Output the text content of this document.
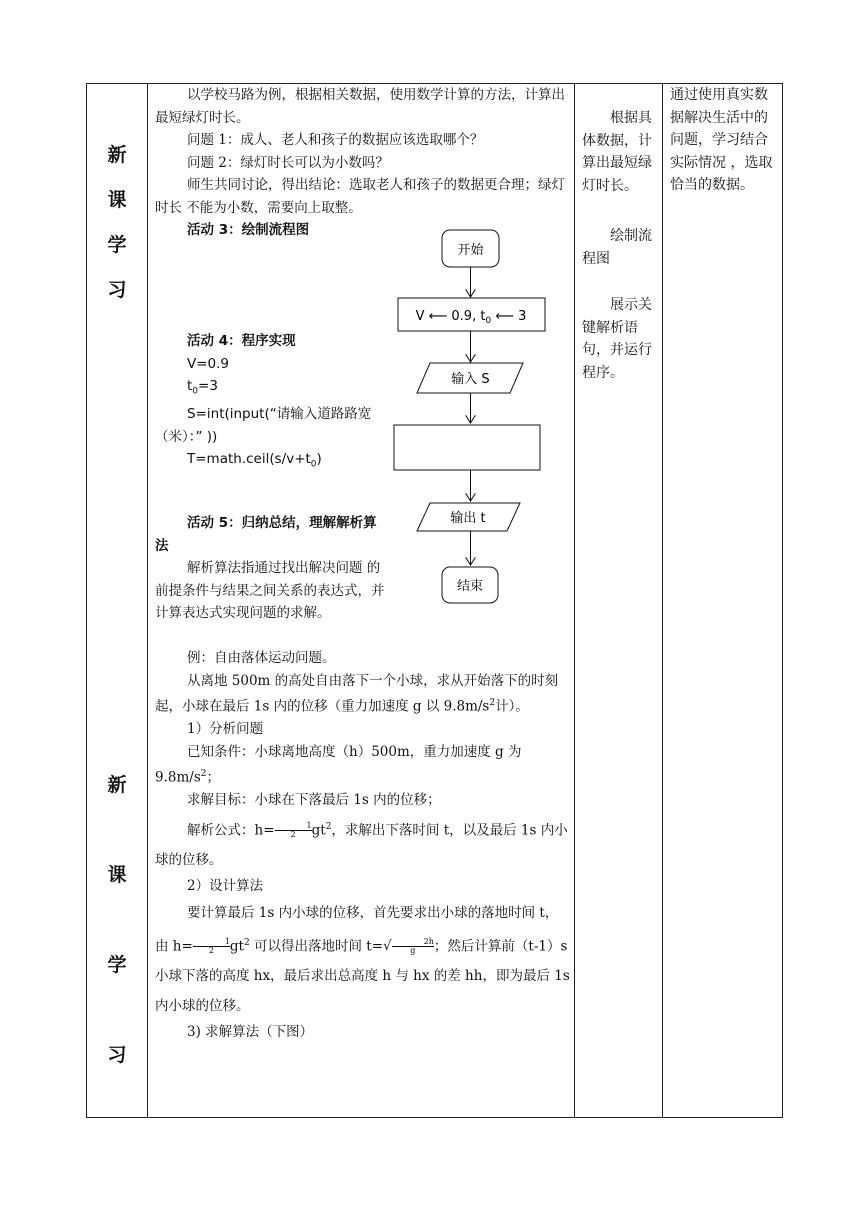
新
课
学
习
新
课
学
习

以学校马路为例，根据相关数据，使用数学计算的方法，计算出最短绿灯时长。

问题 1：成人、老人和孩子的数据应该选取哪个？

问题 2：绿灯时长可以为小数吗？

师生共同讨论，得出结论：选取老人和孩子的数据更合理；绿灯时长 不能为小数，需要向上取整。

活动 3：绘制流程图

活动 4：程序实现

V=0.9

$t_0=3$

S=int(input(“请输入道路路宽（米）：” ))

$T=math.ceil(s/v+t_0)$

活动 5：归纳总结，理解解析算法

解析算法指通过找出解决问题 的前提条件与结果之间关系的表达式，并计算表达式实现问题的求解。

例：自由落体运动问题。

从离地 500m 的高处自由落下一个小球，求从开始落下的时刻起，小球在最后 1s 内的位移（重力加速度 g 以 $9.8m/s^2$计）。

1）分析问题

已知条件：小球离地高度（h）500m，重力加速度 g 为 $9.8m/s^2$；

求解目标：小球在下落最后 1s 内的位移；

解析公式：$h= \frac{1}{2}gt^2$，求解出下落时间 t，以及最后 1s 内小球的位移。

2）设计算法

要计算最后 1s 内小球的位移，首先要求出小球的落地时间 t，由 $h= \frac{1}{2}gt^2$ 可以得出落地时间 $t=√ \frac{2h}{g}$；然后计算前（t-1）s 小球下落的高度 hx，最后求出总高度 h 与 hx 的差 hh，即为最后 1s 内小球的位移。

3) 求解算法（下图）

开始
V ⟵ 0.9, $t_0$ ⟵ 3
输入 S
输出 t
结束

根据具体数据，计算出最短绿灯时长。

绘制流程图

展示关键解析语句，并运行程序。

通过使用真实数据解决生活中的问题，学习结合实际情况 ，选取恰当的数据。
